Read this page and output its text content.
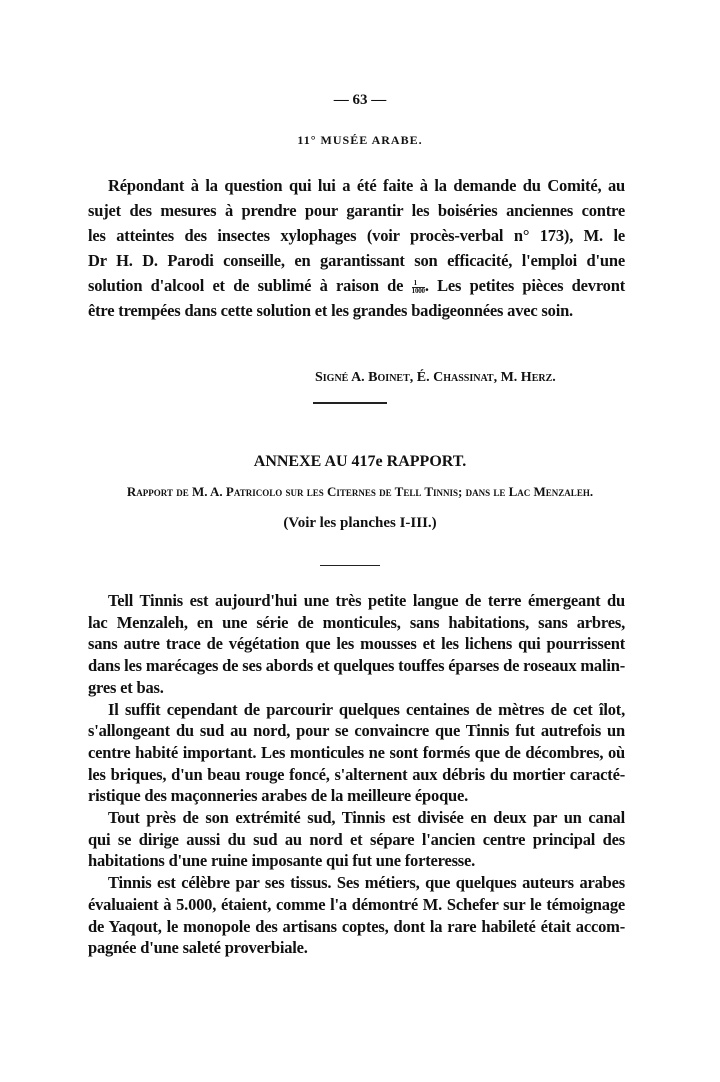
— 63 —
11° MUSÉE ARABE.
Répondant à la question qui lui a été faite à la demande du Comité, au
sujet des mesures à prendre pour garantir les boiséries anciennes contre
les atteintes des insectes xylophages (voir procès-verbal n° 173), M. le
Dr H. D. Parodi conseille, en garantissant son efficacité, l'emploi d'une
solution d'alcool et de sublimé à raison de $\frac{1}{1000}$ . Les petites pièces devront
être trempées dans cette solution et les grandes badigeonnées avec soin.
Signé A. Boinet, É. Chassinat, M. Herz.
ANNEXE AU 417e RAPPORT.
Rapport de M. A. Patricolo sur les Citernes de Tell Tinnis; dans le Lac Menzaleh.
(Voir les planches I-III.)
Tell Tinnis est aujourd'hui une très petite langue de terre émergeant du
lac Menzaleh, en une série de monticules, sans habitations, sans arbres,
sans autre trace de végétation que les mousses et les lichens qui pourrissent
dans les marécages de ses abords et quelques touffes éparses de roseaux malin-
gres et bas.
Il suffit cependant de parcourir quelques centaines de mètres de cet îlot,
s'allongeant du sud au nord, pour se convaincre que Tinnis fut autrefois un
centre habité important. Les monticules ne sont formés que de décombres, où
les briques, d'un beau rouge foncé, s'alternent aux débris du mortier caracté-
ristique des maçonneries arabes de la meilleure époque.
Tout près de son extrémité sud, Tinnis est divisée en deux par un canal
qui se dirige aussi du sud au nord et sépare l'ancien centre principal des
habitations d'une ruine imposante qui fut une forteresse.
Tinnis est célèbre par ses tissus. Ses métiers, que quelques auteurs arabes
évaluaient à 5.000, étaient, comme l'a démontré M. Schefer sur le témoignage
de Yaqout, le monopole des artisans coptes, dont la rare habileté était accom-
pagnée d'une saleté proverbiale.
